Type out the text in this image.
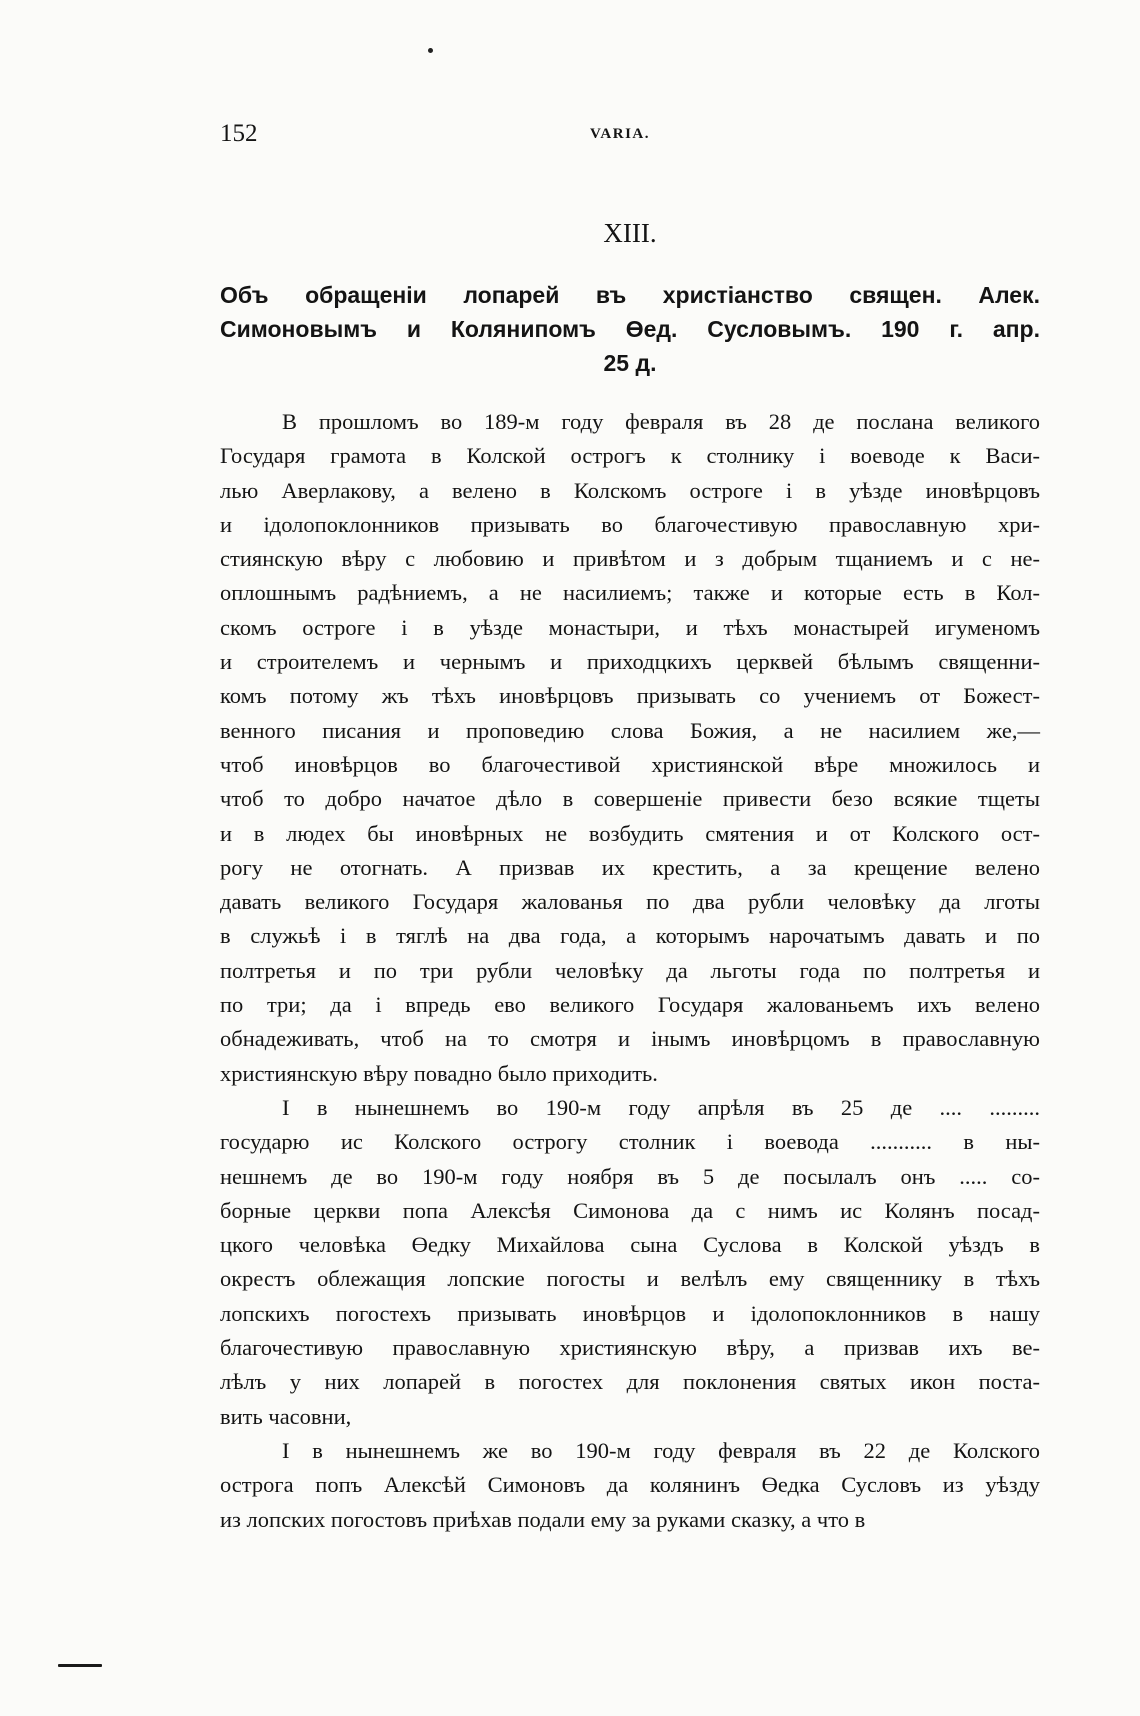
152	VARIA.
XIII.
Объ обращеніи лопарей въ христіанство священ. Алек.
Симоновымъ и Колянипомъ Өед. Сусловымъ. 190 г. апр.
25 д.
В прошломъ во 189-м году февраля въ 28 де послана великого
Государя грамота в Колской острогъ к столнику і воеводе к Васи-
лью Аверлакову, а велено в Колскомъ остроге і в уѣзде иновѣрцовъ
и ідолопоклонников призывать во благочестивую православную хри-
стиянскую вѣру с любовию и привѣтом и з добрым тщаниемъ и с не-
оплошнымъ радѣниемъ, а не насилиемъ; также и которые есть в Кол-
скомъ остроге і в уѣзде монастыри, и тѣхъ монастырей игуменомъ
и строителемъ и чернымъ и приходцкихъ церквей бѣлымъ священни-
комъ потому жъ тѣхъ иновѣрцовъ призывать со учениемъ от Божест-
венного писания и проповедию слова Божия, а не насилием же,—
чтоб иновѣрцов во благочестивой християнской вѣре множилось и
чтоб то добро начатое дѣло в совершеніе привести безо всякие тщеты
и в людех бы иновѣрных не возбудить смятения и от Колского ост-
рогу не отогнать. А призвав их крестить, а за крещение велено
давать великого Государя жалованья по два рубли человѣку да лготы
в служьѣ і в тяглѣ на два года, а которымъ нарочатымъ давать и по
полтретья и по три рубли человѣку да льготы года по полтретья и
по три; да і впредь ево великого Государя жалованьемъ ихъ велено
обнадеживать, чтоб на то смотря и інымъ иновѣрцомъ в православную
християнскую вѣру повадно было приходить.
І в нынешнемъ во 190-м году апрѣля въ 25 де .... .........
государю ис Колского острогу столник і воевода ........... в ны-
нешнемъ де во 190-м году ноября въ 5 де посылалъ онъ ..... со-
борные церкви попа Алексѣя Симонова да с нимъ ис Колянъ посад-
цкого человѣка Өедку Михайлова сына Суслова в Колской уѣздъ в
окрестъ облежащия лопские погосты и велѣлъ ему священнику в тѣхъ
лопскихъ погостехъ призывать иновѣрцов и ідолопоклонников в нашу
благочестивую православную християнскую вѣру, а призвав ихъ ве-
лѣлъ у них лопарей в погостех для поклонения святых икон поста-
вить часовни,
І в нынешнемъ же во 190-м году февраля въ 22 де Колского
острога попъ Алексѣй Симоновъ да колянинъ Өедка Сусловъ из уѣзду
из лопских погостовъ приѣхав подали ему за руками сказку, а что в
